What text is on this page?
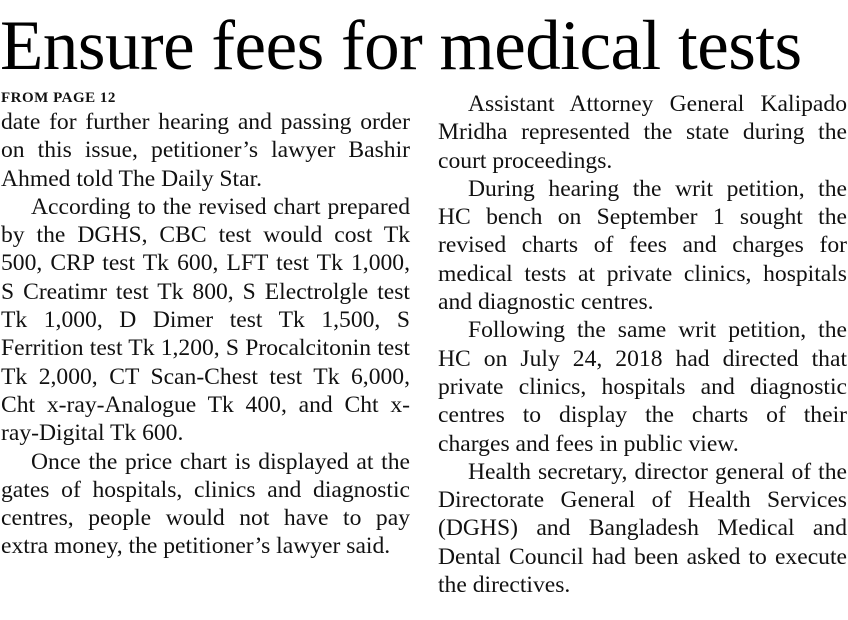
Ensure fees for medical tests
FROM PAGE 12

date for further hearing and passing order on this issue, petitioner’s lawyer Bashir Ahmed told The Daily Star.

According to the revised chart prepared by the DGHS, CBC test would cost Tk 500, CRP test Tk 600, LFT test Tk 1,000, S Creatimr test Tk 800, S Electrolgle test Tk 1,000, D Dimer test Tk 1,500, S Ferrition test Tk 1,200, S Procalcitonin test Tk 2,000, CT Scan-Chest test Tk 6,000, Cht x-ray-Analogue Tk 400, and Cht x-ray-Digital Tk 600.

Once the price chart is displayed at the gates of hospitals, clinics and diagnostic centres, people would not have to pay extra money, the petitioner’s lawyer said.

Assistant Attorney General Kalipado Mridha represented the state during the court proceedings.

During hearing the writ petition, the HC bench on September 1 sought the revised charts of fees and charges for medical tests at private clinics, hospitals and diagnostic centres.

Following the same writ petition, the HC on July 24, 2018 had directed that private clinics, hospitals and diagnostic centres to display the charts of their charges and fees in public view.

Health secretary, director general of the Directorate General of Health Services (DGHS) and Bangladesh Medical and Dental Council had been asked to execute the directives.
